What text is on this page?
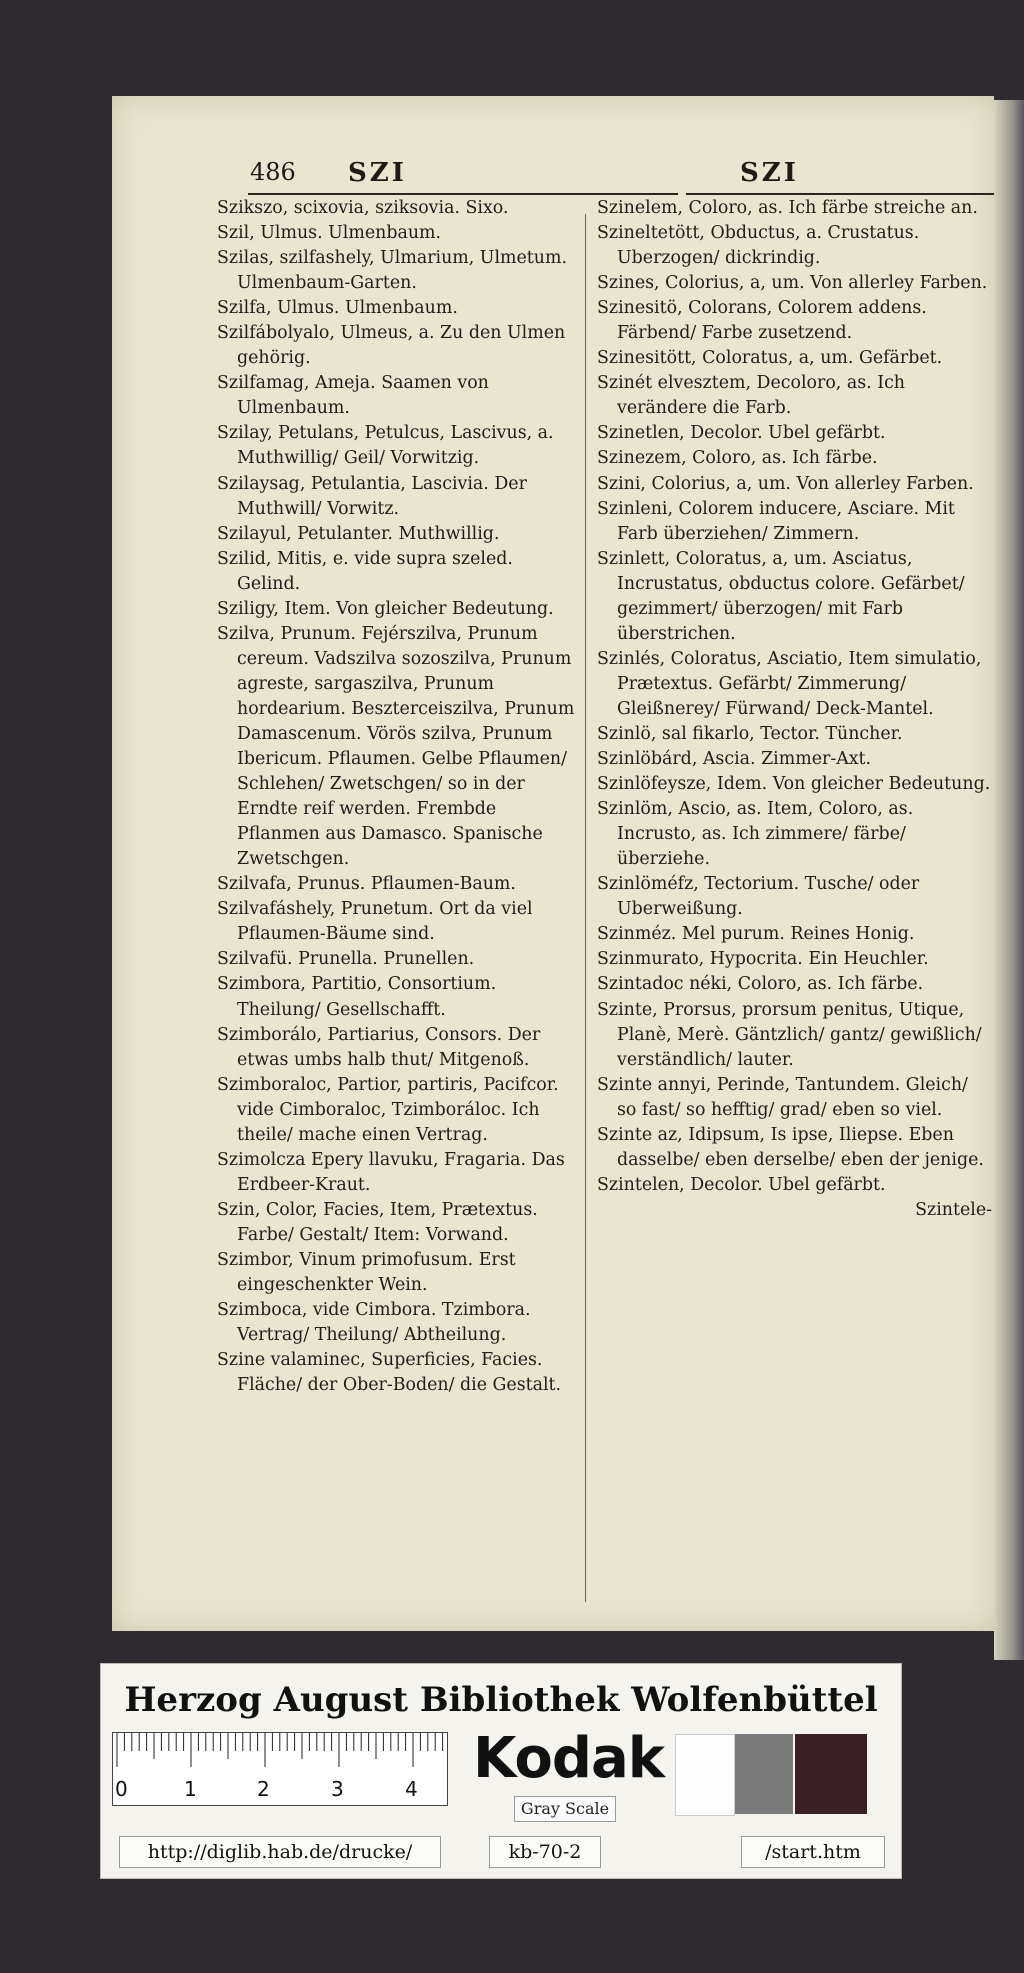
486 SZI	SZI

Szikszo, scixovia, sziksovia. Sixo.

Szil, Ulmus. Ulmenbaum.

Szilas, szilfashely, Ulmarium, Ulmetum. Ulmenbaum-Garten.

Szilfa, Ulmus. Ulmenbaum.

Szilfábolyalo, Ulmeus, a. Zu den Ulmen gehörig.

Szilfamag, Ameja. Saamen von Ulmenbaum.

Szilay, Petulans, Petulcus, Lascivus, a. Muthwillig/ Geil/ Vorwitzig.

Szilaysag, Petulantia, Lascivia. Der Muthwill/ Vorwitz.

Szilayul, Petulanter. Muthwillig.

Szilid, Mitis, e. vide supra szeled. Gelind.

Sziligy, Item. Von gleicher Bedeutung.

Szilva, Prunum. Fejérszilva, Prunum cereum. Vadszilva sozoszilva, Prunum agreste, sargaszilva, Prunum hordearium. Beszterceiszilva, Prunum Damascenum. Vörös szilva, Prunum Ibericum. Pflaumen. Gelbe Pflaumen/ Schlehen/ Zwetschgen/ so in der Erndte reif werden. Frembde Pflanmen aus Damasco. Spanische Zwetschgen.

Szilvafa, Prunus. Pflaumen-Baum.

Szilvafáshely, Prunetum. Ort da viel Pflaumen-Bäume sind.

Szilvafü. Prunella. Prunellen.

Szimbora, Partitio, Consortium. Theilung/ Gesellschafft.

Szimborálo, Partiarius, Consors. Der etwas umbs halb thut/ Mitgenoß.

Szimboraloc, Partior, partiris, Pacifcor. vide Cimboraloc, Tzimboráloc. Ich theile/ mache einen Vertrag.

Szimolcza Epery llavuku, Fragaria. Das Erdbeer-Kraut.

Szin, Color, Facies, Item, Prætextus. Farbe/ Gestalt/ Item: Vorwand.

Szimbor, Vinum primofusum. Erst eingeschenkter Wein.

Szimboca, vide Cimbora. Tzimbora. Vertrag/ Theilung/ Abtheilung.

Szine valaminec, Superficies, Facies. Fläche/ der Ober-Boden/ die Gestalt.

Szinelem, Coloro, as. Ich färbe streiche an.

Szineltetött, Obductus, a. Crustatus. Uberzogen/ dickrindig.

Szines, Colorius, a, um. Von allerley Farben.

Szinesitö, Colorans, Colorem addens. Färbend/ Farbe zusetzend.

Szinesitött, Coloratus, a, um. Gefärbet.

Szinét elvesztem, Decoloro, as. Ich verändere die Farb.

Szinetlen, Decolor. Ubel gefärbt.

Szinezem, Coloro, as. Ich färbe.

Szini, Colorius, a, um. Von allerley Farben.

Szinleni, Colorem inducere, Asciare. Mit Farb überziehen/ Zimmern.

Szinlett, Coloratus, a, um. Asciatus, Incrustatus, obductus colore. Gefärbet/ gezimmert/ überzogen/ mit Farb überstrichen.

Szinlés, Coloratus, Asciatio, Item simulatio, Prætextus. Gefärbt/ Zimmerung/ Gleißnerey/ Fürwand/ Deck-Mantel.

Szinlö, sal fikarlo, Tector. Tüncher.

Szinlöbárd, Ascia. Zimmer-Axt.

Szinlöfeysze, Idem. Von gleicher Bedeutung.

Szinlöm, Ascio, as. Item, Coloro, as. Incrusto, as. Ich zimmere/ färbe/ überziehe.

Szinlöméfz, Tectorium. Tusche/ oder Uberweißung.

Szinméz. Mel purum. Reines Honig.

Szinmurato, Hypocrita. Ein Heuchler.

Szintadoc néki, Coloro, as. Ich färbe.

Szinte, Prorsus, prorsum penitus, Utique, Planè, Merè. Gäntzlich/ gantz/ gewißlich/ verständlich/ lauter.

Szinte annyi, Perinde, Tantundem. Gleich/ so fast/ so hefftig/ grad/ eben so viel.

Szinte az, Idipsum, Is ipse, Iliepse. Eben dasselbe/ eben derselbe/ eben der jenige.

Szintelen, Decolor. Ubel gefärbt.

Szintele-

Herzog August Bibliothek Wolfenbüttel
0	1	2	3	4 Kodak
Gray Scale
http://diglib.hab.de/drucke/	kb-70-2	/start.htm
